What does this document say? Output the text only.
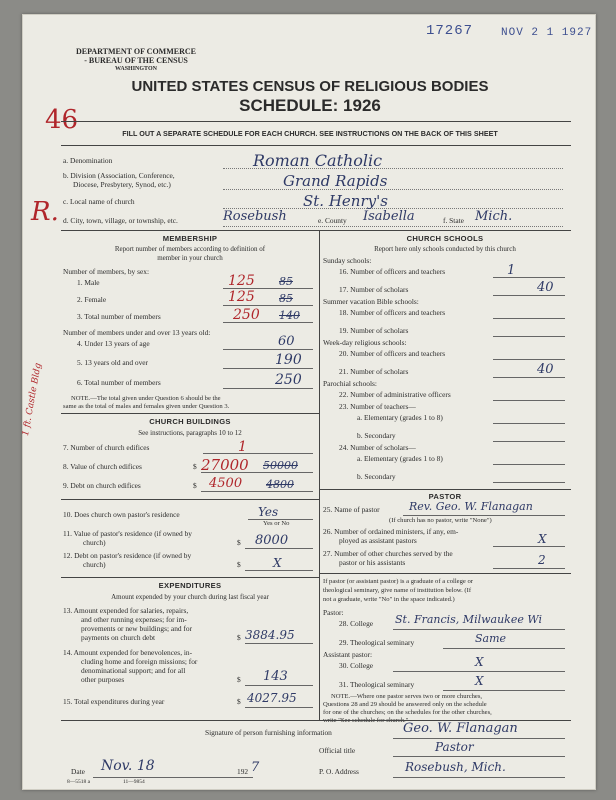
DEPARTMENT OF COMMERCE
- BUREAU OF THE CENSUS
WASHINGTON
17267	NOV 2 1 1927
UNITED STATES CENSUS OF RELIGIOUS BODIES
SCHEDULE: 1926
46
R.
FILL OUT A SEPARATE SCHEDULE FOR EACH CHURCH. SEE INSTRUCTIONS ON THE BACK OF THIS SHEET
a. Denomination	Roman Catholic
b. Division (Association, Conference,
Diocese, Presbytery, Synod, etc.)	Grand Rapids
c. Local name of church	St. Henry's
d. City, town, village, or township, etc.	Rosebush	e. County Isabella	f. State Mich.
MEMBERSHIP
Report number of members according to definition of
member in your church
Number of members, by sex:
1. Male	125 85
2. Female	125 85
3. Total number of members	250 140
Number of members under and over 13 years old:
4. Under 13 years of age	60
5. 13 years old and over	190
6. Total number of members	250
NOTE.—The total given under Question 6 should be the
same as the total of males and females given under Question 3.
CHURCH BUILDINGS
See instructions, paragraphs 10 to 12
1 ft. Castle Bldg
7. Number of church edifices	1
8. Value of church edifices	$ 27000 50000
9. Debt on church edifices	$ 4500 4800
10. Does church own pastor's residence	Yes
Yes or No
11. Value of pastor's residence (if owned by
church)	$ 8000
12. Debt on pastor's residence (if owned by
church)	$	X
EXPENDITURES
Amount expended by your church during last fiscal year
13. Amount expended for salaries, repairs,
and other running expenses; for im-
provements or new buildings; and for
payments on church debt	$ 3884.95
14. Amount expended for benevolences, in-
cluding home and foreign missions; for
denominational support; and for all
other purposes	$ 143
15. Total expenditures during year	$ 4027.95
CHURCH SCHOOLS
Report here only schools conducted by this church
Sunday schools:
16. Number of officers and teachers	1
17. Number of scholars	40
Summer vacation Bible schools:
18. Number of officers and teachers
19. Number of scholars
Week-day religious schools:
20. Number of officers and teachers
21. Number of scholars	40
Parochial schools:
22. Number of administrative officers
23. Number of teachers—
a. Elementary (grades 1 to 8)
b. Secondary
24. Number of scholars—
a. Elementary (grades 1 to 8)
b. Secondary
PASTOR
25. Name of pastor	Rev. Geo. W. Flanagan
(If church has no pastor, write "None")
26. Number of ordained ministers, if any, em-
ployed as assistant pastors	X
27. Number of other churches served by the
pastor or his assistants	2
If pastor (or assistant pastor) is a graduate of a college or
theological seminary, give name of institution below. (If
not a graduate, write "No" in the space indicated.)
Pastor:
28. College St. Francis, Milwaukee Wi
29. Theological seminary	Same
Assistant pastor:
30. College	X
31. Theological seminary	X
NOTE.—Where one pastor serves two or more churches,
Questions 28 and 29 should be answered only on the schedule
for one of the churches; on the schedules for the other churches,
write "See schedule for church."
Signature of person furnishing information	Geo. W. Flanagan
Official title	Pastor
Date Nov. 18	192 7	P. O. Address	Rosebush, Mich.
8—5518 a	11—9854
